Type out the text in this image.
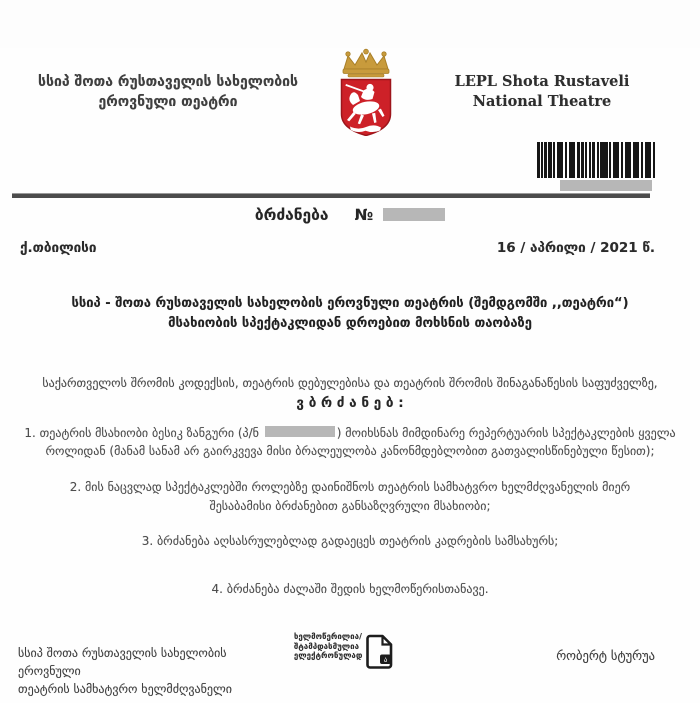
სსიპ შოთა რუსთაველის სახელობის
ეროვნული თეატრი
LEPL Shota Rustaveli
National Theatre
ბრძანება №
ქ.თბილისი	16 / აპრილი / 2021 წ.
სსიპ - შოთა რუსთაველის სახელობის ეროვნული თეატრის (შემდგომში ,,თეატრი“)
მსახიობის სპექტაკლიდან დროებით მოხსნის თაობაზე
საქართველოს შრომის კოდექსის, თეატრის დებულებისა და თეატრის შრომის შინაგანაწესის საფუძველზე,
ვ ბ რ ძ ა ნ ე ბ :
1. თეატრის მსახიობი ბესიკ ზანგური (პ/ნ	) მოიხსნას მიმდინარე რეპერტუარის სპექტაკლების ყველა როლიდან (მანამ სანამ არ გაირკვევა მისი ბრალეულობა კანონმდებლობით გათვალისწინებული წესით);
2. მის ნაცვლად სპექტაკლებში როლებზე დაინიშნოს თეატრის სამხატვრო ხელმძღვანელის მიერ შესაბამისი ბრძანებით განსაზღვრული მსახიობი;
3. ბრძანება აღსასრულებლად გადაეცეს თეატრის კადრების სამსახურს;
4. ბრძანება ძალაში შედის ხელმოწერისთანავე.
სსიპ შოთა რუსთაველის სახელობის ეროვნული
თეატრის სამხატვრო ხელმძღვანელი
ხელმოწერილია/
შტამპდასმულია
ელექტრონულად
ა	რობერტ სტურუა
